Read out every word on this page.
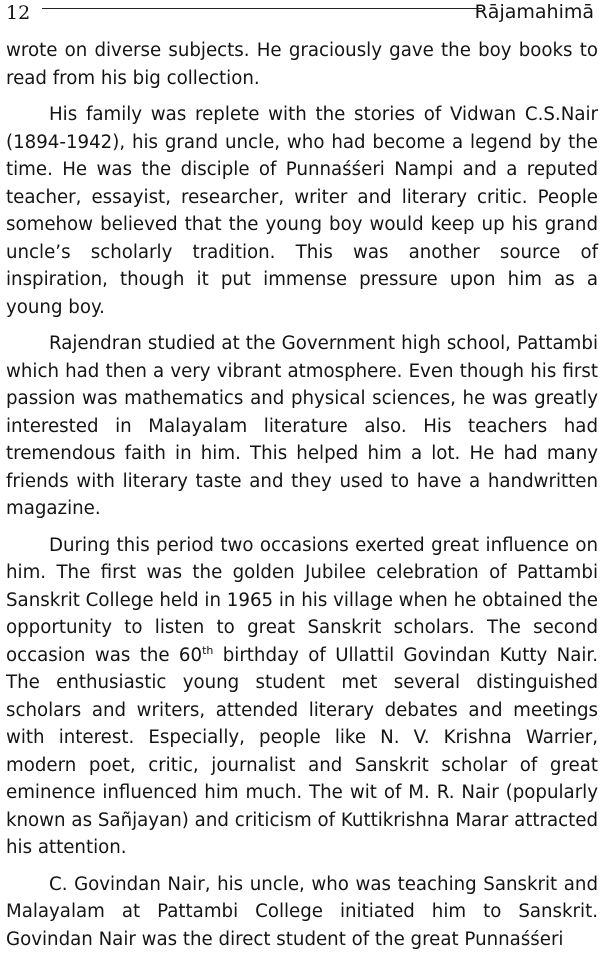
12	Rājamahimā

wrote on diverse subjects. He graciously gave the boy books to read from his big collection.

His family was replete with the stories of Vidwan C.S.Nair (1894-1942), his grand uncle, who had become a legend by the time. He was the disciple of Punnaśśeri Nampi and a reputed teacher, essayist, researcher, writer and literary critic. People somehow believed that the young boy would keep up his grand uncle’s scholarly tradition. This was another source of inspiration, though it put immense pressure upon him as a young boy.

Rajendran studied at the Government high school, Pattambi which had then a very vibrant atmosphere. Even though his first passion was mathematics and physical sciences, he was greatly interested in Malayalam literature also. His teachers had tremendous faith in him. This helped him a lot. He had many friends with literary taste and they used to have a handwritten magazine.

During this period two occasions exerted great influence on him. The first was the golden Jubilee celebration of Pattambi Sanskrit College held in 1965 in his village when he obtained the opportunity to listen to great Sanskrit scholars. The second occasion was the 60th birthday of Ullattil Govindan Kutty Nair. The enthusiastic young student met several distinguished scholars and writers, attended literary debates and meetings with interest. Especially, people like N. V. Krishna Warrier, modern poet, critic, journalist and Sanskrit scholar of great eminence influenced him much. The wit of M. R. Nair (popularly known as Sañjayan) and criticism of Kuttikrishna Marar attracted his attention.

C. Govindan Nair, his uncle, who was teaching Sanskrit and Malayalam at Pattambi College initiated him to Sanskrit. Govindan Nair was the direct student of the great Punnaśśeri
